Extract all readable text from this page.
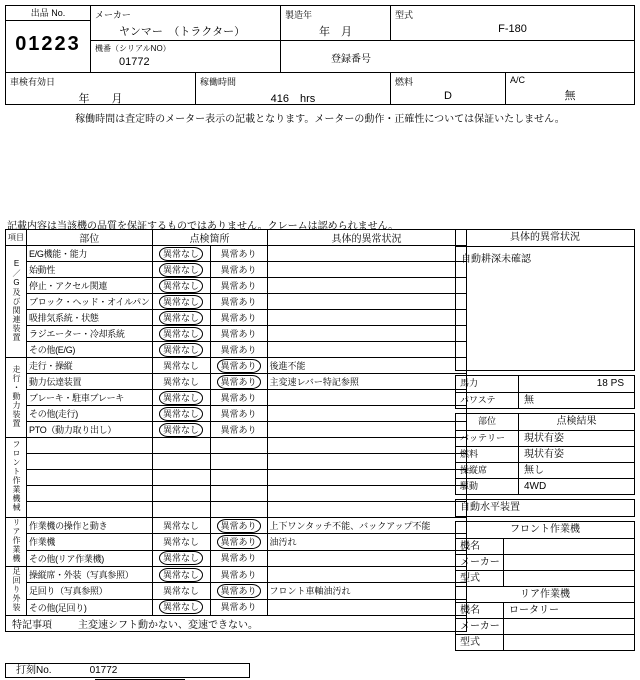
出品 No.
01223
メーカー
ヤンマー　（トラクター）
製造年
年　月
型式
F-180
機番（シリアルNO）
01772	登録番号
車検有効日
年　　月
稼働時間
416　hrs
燃料
D
A/C
無
稼働時間は査定時のメーター表示の記載となります。メーターの動作・正確性については保証いたしません。
記載内容は当該機の品質を保証するものではありません。クレームは認められません。
項目	部位	点検箇所		具体的異常状況
E／G及び関連装置	E/G機能・能力	異常なし	異常あり	
	始動性	異常なし	異常あり	
	停止・アクセル関連	異常なし	異常あり	
	ブロック・ヘッド・オイルパン	異常なし	異常あり	
	吸排気系統・状態	異常なし	異常あり	
	ラジエーター・冷却系統	異常なし	異常あり	
	その他(E/G)	異常なし	異常あり	
走行・動力装置	走行・操縦	異常なし	異常あり	後進不能
	動力伝達装置	異常なし	異常あり	主変速レバー特記参照
	ブレーキ・駐車ブレーキ	異常なし	異常あり	
	その他(走行)	異常なし	異常あり	
	PTO（動力取り出し）	異常なし	異常あり	
フロント作業機械				

リア作業機	作業機の操作と動き	異常なし	異常あり	上下ワンタッチ不能、バックアップ不能
	作業機	異常なし	異常あり	油汚れ
	その他(リア作業機)	異常なし	異常あり	
足回り外装	操縦席・外装（写真参照）	異常なし	異常あり	
	足回り（写真参照）	異常なし	異常あり	フロント車軸油汚れ
	その他(足回り)	異常なし	異常あり	
特記事項 主変速シフト動かない、変速できない。				
具体的異常状況
自動耕深未確認
馬力	18 PS
パワステ	無
部位	点検結果
バッテリー	現状有姿
燃料	現状有姿
操縦席	無し
駆動	4WD
自動水平装置
フロント作業機
機名
メーカー
型式
リア作業機
機名	ロータリー
メーカー
型式
打刻No.	01772
